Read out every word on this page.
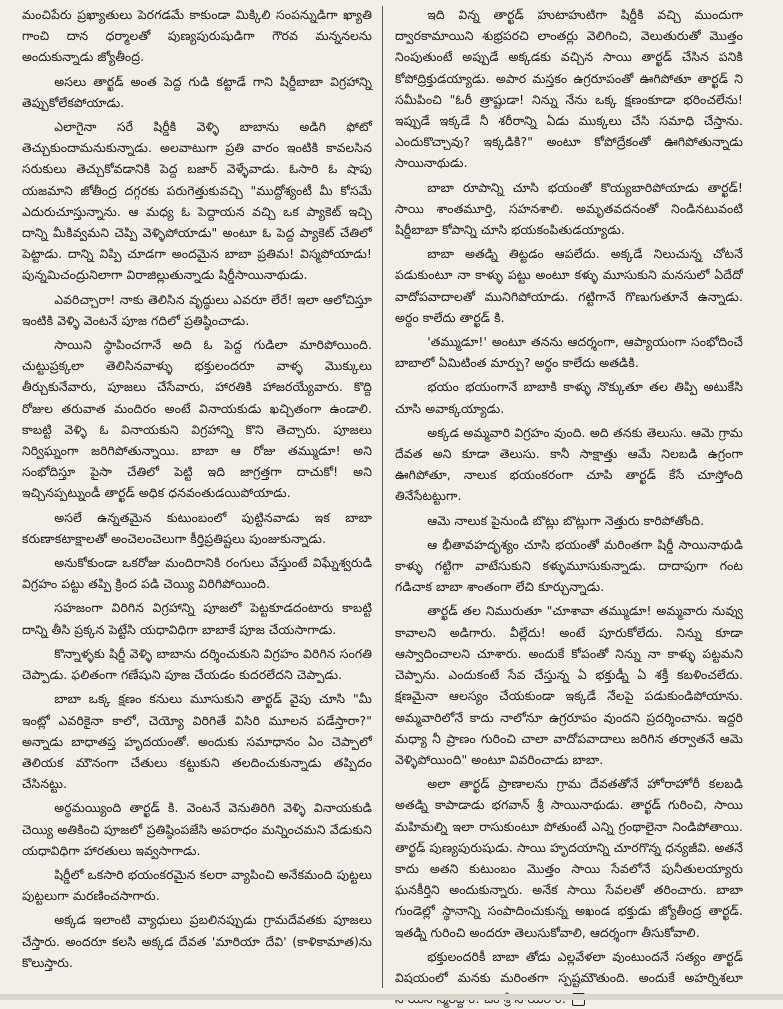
మంచిపేరు ప్రఖ్యాతులు పెరగడమే కాకుండా మిక్కిలి సంపన్నుడిగా ఖ్యాతి గాంచి దాన ధర్మాలతో పుణ్యపురుషుడిగా గౌరవ మన్ననలను అందుకున్నాడు జ్యోతీంద్ర.

అసలు తార్ఖడ్ అంత పెద్ద గుడి కట్టాడే గాని షిర్డీబాబా విగ్రహాన్ని తెప్పుకోలేకపోయాడు.

ఎలాగైనా సరే షిర్డీకి వెళ్ళి బాబాను అడిగి ఫోటో తెచ్చుకుందామనుకున్నాడు. అలవాటుగా ప్రతి వారం ఇంటికి కావలసిన సరుకులు తెచ్చుకోవడానికి పెద్ద బజార్ వెళ్ళేవాడు. ఓసారి ఓ షాపు యజమాని జోతీంద్ర దగ్గరకు పరుగెత్తుకువచ్చి "ముద్దోశ్యంటీ మీ కోసమే ఎదురుచూస్తున్నాను. ఆ మధ్య ఓ పెద్దాయన వచ్చి ఒక ప్యాకెట్ ఇచ్చి దాన్ని మీకివ్వమని చెప్పి వెళ్ళిపోయాడు" అంటూ ఓ పెద్ద ప్యాకెట్ చేతిలో పెట్టాడు. దాన్ని విప్పి చూడగా అందమైన బాబా ప్రతిమ! విస్మపోయాడు! పున్నమిచంద్రునిలాగా విరాజిల్లుతున్నాడు షిర్డీసాయినాథుడు.

ఎవరిచ్చారా! నాకు తెలిసిన వృద్ధులు ఎవరూ లేరే! ఇలా ఆలోచిస్తూ ఇంటికి వెళ్ళి వెంటనే పూజ గదిలో ప్రతిష్ఠించాడు.

సాయిని స్థాపించగానే అది ఓ పెద్ద గుడిలా మారిపోయింది. చుట్టుప్రక్కలా తెలిసినవాళ్ళు భక్తులందరూ వాళ్ళ మొక్కులు తీర్చుకునేవారు, పూజలు చేసేవారు, హారతికి హాజరయ్యేవారు. కొద్ది రోజుల తరువాత మందిరం అంటే వినాయకుడు ఖచ్చితంగా ఉండాలి. కాబట్టి వెళ్ళి ఓ వినాయకుని విగ్రహాన్ని కొని తెచ్చారు. పూజలు నిర్విఘ్నంగా జరిగిపోతున్నాయి. బాబా ఆ రోజు తమ్ముడూ! అని సంభోదిస్తూ పైసా చేతిలో పెట్టి ఇది జాగ్రత్తగా దాచుకో! అని ఇచ్చినప్పట్నుండీ తార్ఖడ్ అధిక ధనవంతుడయిపోయాడు.

అసలే ఉన్నతమైన కుటుంబంలో పుట్టినవాడు ఇక బాబా కరుణాకటాక్షాలతో అంచెలంచెలుగా కీర్తిప్రతిష్టలు పుంజుకున్నాడు.

అనుకోకుండా ఒకరోజు మందిరానికి రంగులు వేస్తుంటే విఘ్నేశ్వరుడి విగ్రహం పట్టు తప్పి క్రింద పడి చెయ్యి విరిగిపోయింది.

సహజంగా విరిగిన విగ్రహాన్ని పూజలో పెట్టకూడదంటారు కాబట్టి దాన్ని తీసి ప్రక్కన పెట్టేసి యధావిధిగా బాబాకే పూజ చేయసాగాడు.

కొన్నాళ్ళకు షిర్డీ వెళ్ళి బాబాను దర్శించుకుని విగ్రహం విరిగిన సంగతి చెప్పాడు. ఫలితంగా గణేషుని పూజ చేయడం కుదరలేదని చెప్పాడు.

బాబా ఒక్క క్షణం కనులు మూసుకుని తార్ఖడ్ వైపు చూసి "మీ ఇంట్లో ఎవరికైనా కాలో, చెయ్యో విరిగితే విసిరి మూలన పడేస్తారా?" అన్నాడు బాధాతప్త హృదయంతో. అందుకు సమాధానం ఏం చెప్పాలో తెలియక మౌనంగా చేతులు కట్టుకుని తలదించుకున్నాడు తప్పిదం చేసినట్టు.

అర్థమయ్యింది తార్ఖడ్ కి. వెంటనే వెనుతిరిగి వెళ్ళి వినాయకుడి చెయ్యి అతికించి పూజలో ప్రతిష్ఠింపజేసి అపరాధం మన్నించమని వేడుకుని యధావిధిగా హారతులు ఇవ్వసాగాడు.

షిర్డీలో ఒకసారి భయంకరమైన కలరా వ్యాపించి అనేకమంది పుట్టలు పుట్టలుగా మరణించసాగారు.

అక్కడ ఇలాంటి వ్యాధులు ప్రబలినప్పుడు గ్రామదేవతకు పూజలు చేస్తారు. అందరూ కలసి అక్కడ దేవత 'మారియా దేవి' (కాళికామాత)ను కొలుస్తారు.

ఇది విన్న తార్ఖడ్ హుటాహుటిగా షిర్డీకి వచ్చి ముందుగా ద్వారకామాయిని శుభ్రపరచి లాంతర్లు వెలిగించి, వెలుతురుతో మొత్తం నింపుతుంటే అప్పుడే అక్కడకు వచ్చిన సాయి తార్ఖడ్ చేసిన పనికి కోపోద్రిక్తుడయ్యాడు. అపార మస్తకం ఉగ్రరూపంతో ఊగిపోతూ తార్ఖడ్ ని సమీపించి "ఓరీ త్రాష్టుడా! నిన్ను నేను ఒక్క క్షణంకూడా భరించలేను! ఇప్పుడే ఇక్కడే నీ శరీరాన్ని ఏడు ముక్కలు చేసి సమాధి చేస్తాను. ఎందుకొచ్చావు? ఇక్కడికి?" అంటూ కోపోద్రేకంతో ఊగిపోతున్నాడు సాయినాథుడు.

బాబా రూపాన్ని చూసి భయంతో కొయ్యబారిపోయాడు తార్ఖడ్! సాయి శాంతమూర్తి, సహనశాలి. అమృతవదనంతో నిండినటువంటి షిర్డీబాబా కోపాన్ని చూసి భయకంపితుడయ్యాడు.

బాబా అతడ్ని తిట్టడం ఆపలేదు. అక్కడే నిలుచున్న చోటనే పడుకుంటూ నా కాళ్ళు పట్టు అంటూ కళ్ళు మూసుకుని మనసులో ఏదేదో వాదోపవాదాలతో మునిగిపోయాడు. గట్టిగానే గొణుగుతూనే ఉన్నాడు. అర్థం కాలేదు తార్ఖడ్ కి.

'తమ్ముడూ!' అంటూ తనను ఆదర్శంగా, ఆప్యాయంగా సంభోదించే బాబాలో ఏమిటింత మార్పు? అర్థం కాలేదు అతడికి.

భయం భయంగానే బాబాకి కాళ్ళు నొక్కుతూ తల తిప్పి అటుకేసి చూసి అవాక్కయ్యాడు.

అక్కడ అమ్మవారి విగ్రహం వుంది. అది తనకు తెలుసు. ఆమె గ్రామ దేవత అని కూడా తెలుసు. కానీ సాక్షాత్తు ఆమే నిలబడి ఉగ్రంగా ఊగిపోతూ, నాలుక భయంకరంగా చూపి తార్ఖడ్ కేసే చూస్తోంది తినేసేటట్టుగా.

ఆమె నాలుక పైనుండి బొట్లు బొట్లుగా నెత్తురు కారిపోతోంది.

ఆ భీతావహదృశ్యం చూసి భయంతో మరింతగా షిర్డీ సాయినాథుడి కాళ్ళు గట్టిగా వాటేసుకుని కళ్ళుమూసుకున్నాడు. దాదాపుగా గంట గడిచాక బాబా శాంతంగా లేచి కూర్చున్నాడు.

తార్ఖడ్ తల నిమురుతూ "చూశావా తమ్ముడూ! అమ్మవారు నువ్వు కావాలని అడిగారు. వీల్లేదు! అంటే పూరుకోలేదు. నిన్ను కూడా ఆస్వాదించాలని చూశారు. అందుకే కోపంతో నిన్ను నా కాళ్ళు పట్టమని చెప్పాను. ఎందుకంటే సేవ చేస్తున్న ఏ భక్తుడ్నీ ఏ శక్తీ కబళించలేదు. క్షణమైనా ఆలస్యం చేయకుండా ఇక్కడే నేలపై పడుకుండిపోయాను. అమ్మవారిలోనే కాదు నాలోనూ ఉగ్రరూపం వుందని ప్రదర్శించాను. ఇద్దరి మధ్యా నీ ప్రాణం గురించి చాలా వాదోపవాదాలు జరిగిన తర్వాతనే ఆమె వెళ్ళిపోయింది" అంటూ వివరించాడు బాబా.

అలా తార్ఖడ్ ప్రాణాలను గ్రామ దేవతతోనే హోరాహోరీ కలబడి అతడ్ని కాపాడాడు భగవాన్ శ్రీ సాయినాథుడు. తార్ఖడ్ గురించి, సాయి మహిమల్ని ఇలా రాసుకుంటూ పోతుంటే ఎన్ని గ్రంథాలైనా నిండిపోతాయి. తార్ఖడ్ పుణ్యపురుషుడు. సాయి హృదయాన్ని చూరగొన్న ధన్యజీవి. అతనే కాదు అతని కుటుంబం మొత్తం సాయి సేవలోనే పునీతులయ్యారు ఘనకీర్తిని అందుకున్నారు. అనేక సాయి సేవలతో తరించారు. బాబా గుండెల్లో స్థానాన్ని సంపాదించుకున్న అఖండ భక్తుడు జ్యోతీంద్ర తార్ఖడ్. ఇతడ్ని గురించి అందరూ తెలుసుకోవాలి, ఆదర్శంగా తీసుకోవాలి.

భక్తులందరికీ బాబా తోడు ఎల్లవేళలా వుంటుందనే సత్యం తార్ఖడ్ విషయంలో మనకు మరింతగా స్పష్టమౌతుంది. అందుకే అహర్నిశలూ
